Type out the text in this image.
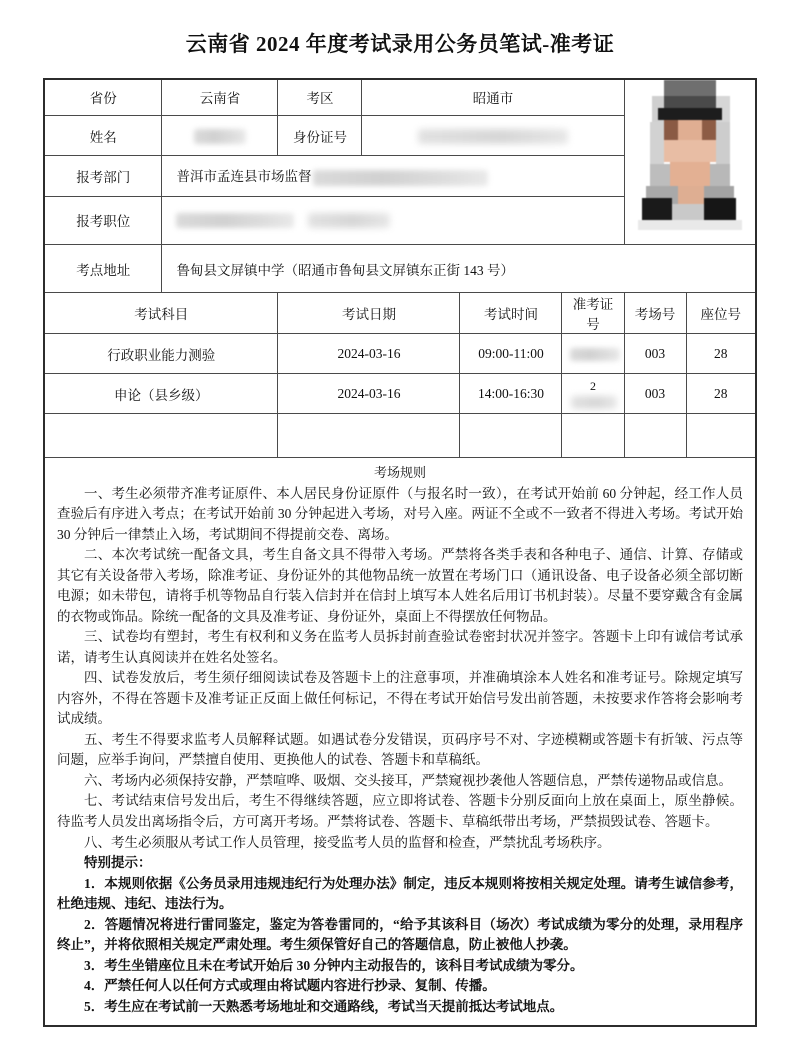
云南省 2024 年度考试录用公务员笔试-准考证
省份	云南省	考区	昭通市				

姓名		身份证号					
报考部门	普洱市孟连县市场监督						
报考职位							
考点地址	鲁甸县文屏镇中学（昭通市鲁甸县文屏镇东正街 143 号）						
考试科目		考试日期		考试时间	准考证号	考场号	座位号
行政职业能力测验		2024-03-16		09:00-11:00		003	28
申论（县乡级）		2024-03-16		14:00-16:30	2	003	28

考场规则

一、考生必须带齐准考证原件、本人居民身份证原件（与报名时一致），在考试开始前 60 分钟起，经工作人员查验后有序进入考点；在考试开始前 30 分钟起进入考场，对号入座。两证不全或不一致者不得进入考场。考试开始 30 分钟后一律禁止入场，考试期间不得提前交卷、离场。

二、本次考试统一配备文具，考生自备文具不得带入考场。严禁将各类手表和各种电子、通信、计算、存储或其它有关设备带入考场，除准考证、身份证外的其他物品统一放置在考场门口（通讯设备、电子设备必须全部切断电源；如未带包，请将手机等物品自行装入信封并在信封上填写本人姓名后用订书机封装）。尽量不要穿戴含有金属的衣物或饰品。除统一配备的文具及准考证、身份证外，桌面上不得摆放任何物品。

三、试卷均有塑封，考生有权利和义务在监考人员拆封前查验试卷密封状况并签字。答题卡上印有诚信考试承诺，请考生认真阅读并在姓名处签名。

四、试卷发放后，考生须仔细阅读试卷及答题卡上的注意事项，并准确填涂本人姓名和准考证号。除规定填写内容外，不得在答题卡及准考证正反面上做任何标记，不得在考试开始信号发出前答题，未按要求作答将会影响考试成绩。

五、考生不得要求监考人员解释试题。如遇试卷分发错误，页码序号不对、字迹模糊或答题卡有折皱、污点等问题，应举手询问，严禁擅自使用、更换他人的试卷、答题卡和草稿纸。

六、考场内必须保持安静，严禁喧哗、吸烟、交头接耳，严禁窥视抄袭他人答题信息，严禁传递物品或信息。

七、考试结束信号发出后，考生不得继续答题，应立即将试卷、答题卡分别反面向上放在桌面上，原坐静候。待监考人员发出离场指令后，方可离开考场。严禁将试卷、答题卡、草稿纸带出考场，严禁损毁试卷、答题卡。

八、考生必须服从考试工作人员管理，接受监考人员的监督和检查，严禁扰乱考场秩序。

特别提示：

1．本规则依据《公务员录用违规违纪行为处理办法》制定，违反本规则将按相关规定处理。请考生诚信参考，杜绝违规、违纪、违法行为。

2．答题情况将进行雷同鉴定，鉴定为答卷雷同的，“给予其该科目（场次）考试成绩为零分的处理，录用程序终止”，并将依照相关规定严肃处理。考生须保管好自己的答题信息，防止被他人抄袭。

3．考生坐错座位且未在考试开始后 30 分钟内主动报告的，该科目考试成绩为零分。

4．严禁任何人以任何方式或理由将试题内容进行抄录、复制、传播。

5．考生应在考试前一天熟悉考场地址和交通路线，考试当天提前抵达考试地点。
